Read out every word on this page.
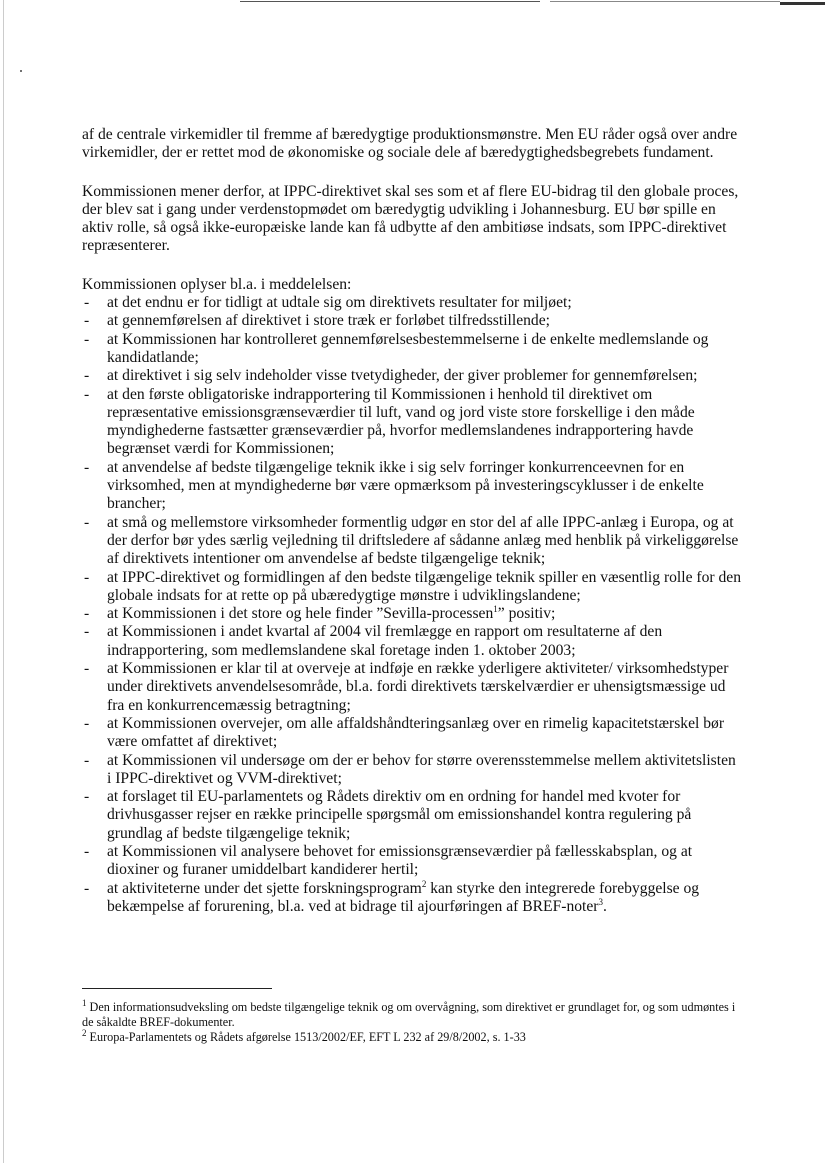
af de centrale virkemidler til fremme af bæredygtige produktionsmønstre. Men EU råder også over andre virkemidler, der er rettet mod de økonomiske og sociale dele af bæredygtighedsbegrebets fundament.

Kommissionen mener derfor, at IPPC-direktivet skal ses som et af flere EU-bidrag til den globale proces, der blev sat i gang under verdenstopmødet om bæredygtig udvikling i Johannesburg. EU bør spille en aktiv rolle, så også ikke-europæiske lande kan få udbytte af den ambitiøse indsats, som IPPC-direktivet repræsenterer.

Kommissionen oplyser bl.a. i meddelelsen:

- at det endnu er for tidligt at udtale sig om direktivets resultater for miljøet;
- at gennemførelsen af direktivet i store træk er forløbet tilfredsstillende;
- at Kommissionen har kontrolleret gennemførelsesbestemmelserne i de enkelte medlemslande og kandidatlande;
- at direktivet i sig selv indeholder visse tvetydigheder, der giver problemer for gennemførelsen;
- at den første obligatoriske indrapportering til Kommissionen i henhold til direktivet om repræsentative emissionsgrænseværdier til luft, vand og jord viste store forskellige i den måde myndighederne fastsætter grænseværdier på, hvorfor medlemslandenes indrapportering havde begrænset værdi for Kommissionen;
- at anvendelse af bedste tilgængelige teknik ikke i sig selv forringer konkurrenceevnen for en virksomhed, men at myndighederne bør være opmærksom på investeringscyklusser i de enkelte brancher;
- at små og mellemstore virksomheder formentlig udgør en stor del af alle IPPC-anlæg i Europa, og at der derfor bør ydes særlig vejledning til driftsledere af sådanne anlæg med henblik på virkeliggørelse af direktivets intentioner om anvendelse af bedste tilgængelige teknik;
- at IPPC-direktivet og formidlingen af den bedste tilgængelige teknik spiller en væsentlig rolle for den globale indsats for at rette op på ubæredygtige mønstre i udviklingslandene;
- at Kommissionen i det store og hele finder ”Sevilla-processen$^1$” positiv;
- at Kommissionen i andet kvartal af 2004 vil fremlægge en rapport om resultaterne af den indrapportering, som medlemslandene skal foretage inden 1. oktober 2003;
- at Kommissionen er klar til at overveje at indføje en række yderligere aktiviteter/ virksomhedstyper under direktivets anvendelsesområde, bl.a. fordi direktivets tærskelværdier er uhensigtsmæssige ud fra en konkurrencemæssig betragtning;
- at Kommissionen overvejer, om alle affaldshåndteringsanlæg over en rimelig kapacitetstærskel bør være omfattet af direktivet;
- at Kommissionen vil undersøge om der er behov for større overensstemmelse mellem aktivitetslisten i IPPC-direktivet og VVM-direktivet;
- at forslaget til EU-parlamentets og Rådets direktiv om en ordning for handel med kvoter for drivhusgasser rejser en række principelle spørgsmål om emissionshandel kontra regulering på grundlag af bedste tilgængelige teknik;
- at Kommissionen vil analysere behovet for emissionsgrænseværdier på fællesskabsplan, og at dioxiner og furaner umiddelbart kandiderer hertil;
- at aktiviteterne under det sjette forskningsprogram$^2$ kan styrke den integrerede forebyggelse og bekæmpelse af forurening, bl.a. ved at bidrage til ajourføringen af BREF-noter$^3$.

$^1$ Den informationsudveksling om bedste tilgængelige teknik og om overvågning, som direktivet er grundlaget for, og som udmøntes i de såkaldte BREF-dokumenter.

$^2$ Europa-Parlamentets og Rådets afgørelse 1513/2002/EF, EFT L 232 af 29/8/2002, s. 1-33
